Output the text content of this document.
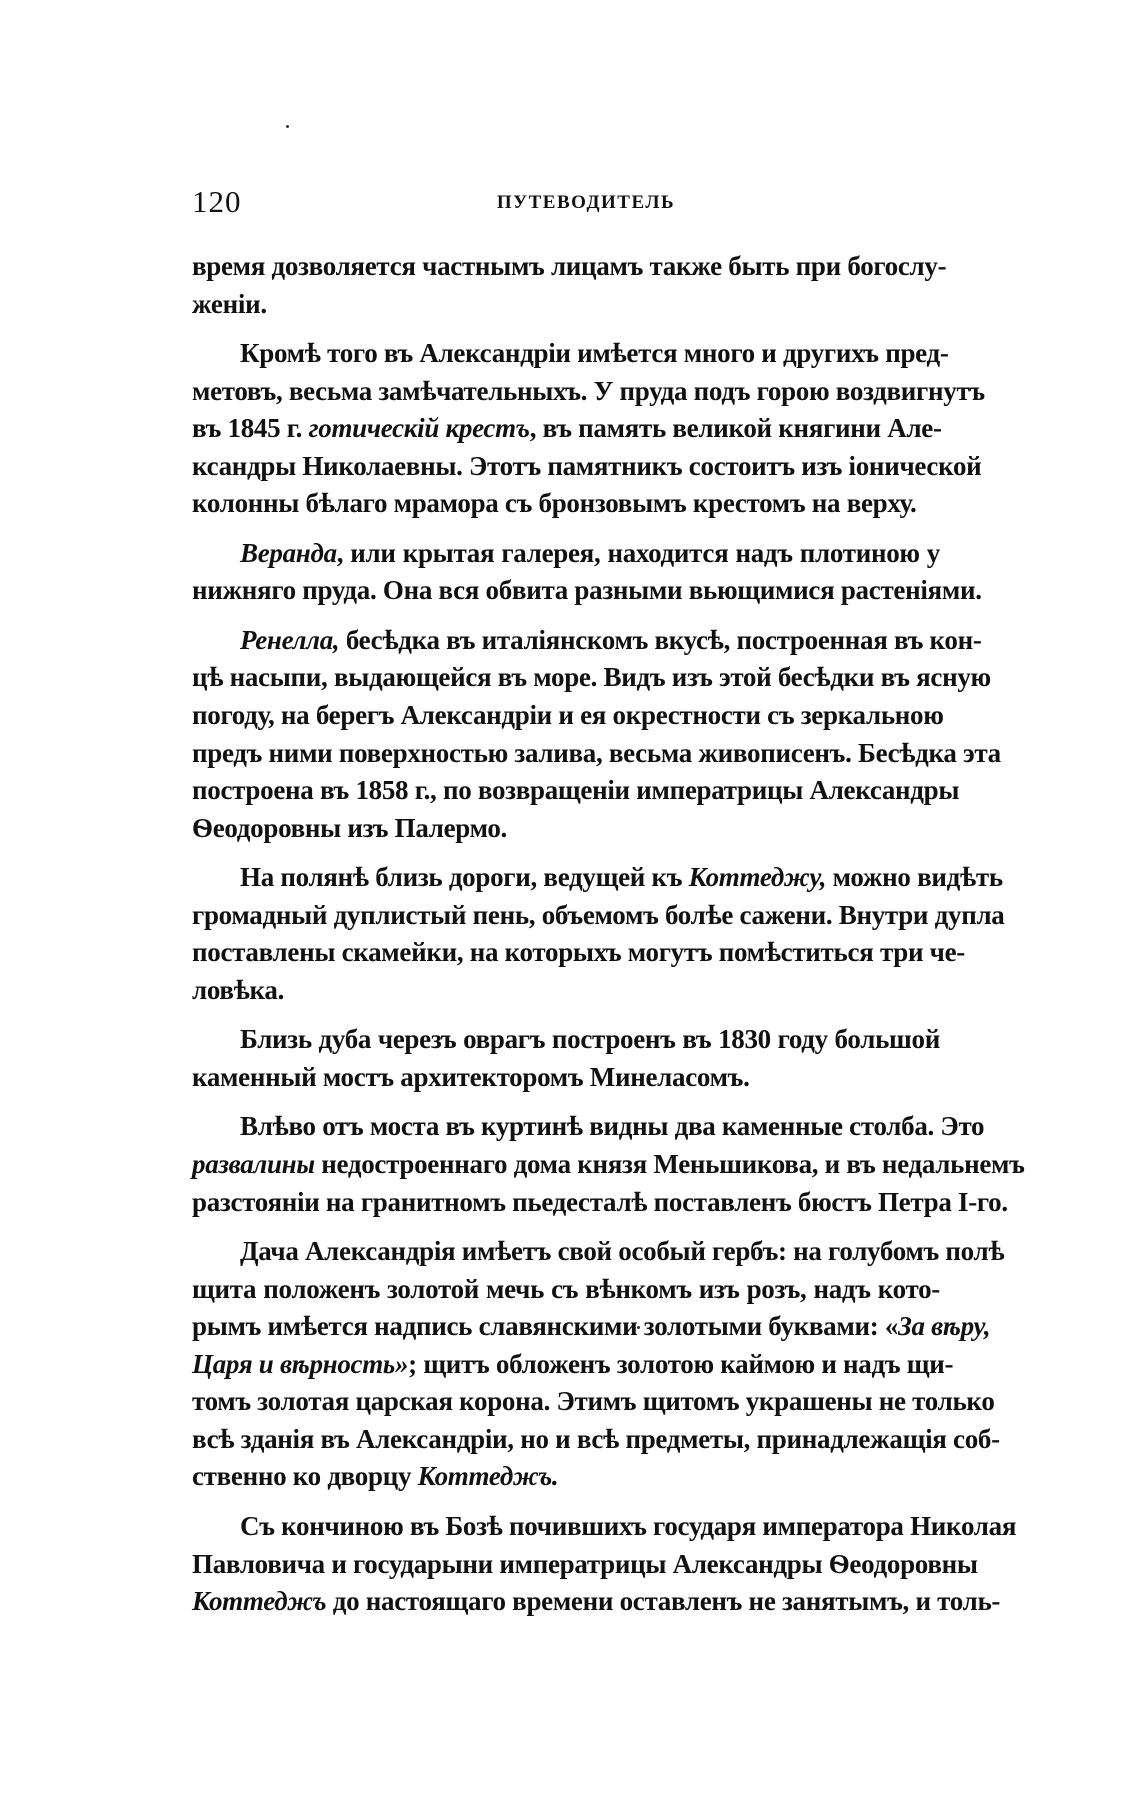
120	ПУТЕВОДИТЕЛЬ
время дозволяется частнымъ лицамъ также быть при богослу-
женіи.
Кромѣ того въ Александріи имѣется много и другихъ пред-
метовъ, весьма замѣчательныхъ. У пруда подъ горою воздвигнутъ
въ 1845 г. готическій крестъ, въ память великой княгини Але-
ксандры Николаевны. Этотъ памятникъ состоитъ изъ іонической
колонны бѣлаго мрамора съ бронзовымъ крестомъ на верху.
Веранда, или крытая галерея, находится надъ плотиною у
нижняго пруда. Она вся обвита разными вьющимися растеніями.
Ренелла, бесѣдка въ италіянскомъ вкусѣ, построенная въ кон-
цѣ насыпи, выдающейся въ море. Видъ изъ этой бесѣдки въ ясную
погоду, на берегъ Александріи и ея окрестности съ зеркальною
предъ ними поверхностью залива, весьма живописенъ. Бесѣдка эта
построена въ 1858 г., по возвращеніи императрицы Александры
Ѳеодоровны изъ Палермо.
На полянѣ близь дороги, ведущей къ Коттеджу, можно видѣть
громадный дуплистый пень, объемомъ болѣе сажени. Внутри дупла
поставлены скамейки, на которыхъ могутъ помѣститься три че-
ловѣка.
Близь дуба черезъ оврагъ построенъ въ 1830 году большой
каменный мостъ архитекторомъ Минеласомъ.
Влѣво отъ моста въ куртинѣ видны два каменные столба. Это
развалины недостроеннаго дома князя Меньшикова, и въ недальнемъ
разстояніи на гранитномъ пьедесталѣ поставленъ бюстъ Петра I-го.
Дача Александрія имѣетъ свой особый гербъ: на голубомъ полѣ
щита положенъ золотой мечь съ вѣнкомъ изъ розъ, надъ кото-
рымъ имѣется надпись славянскими золотыми буквами: «За вѣру,
Царя и вѣрность»; щитъ обложенъ золотою каймою и надъ щи-
томъ золотая царская корона. Этимъ щитомъ украшены не только
всѣ зданія въ Александріи, но и всѣ предметы, принадлежащія соб-
ственно ко дворцу Коттеджъ.
Съ кончиною въ Бозѣ почившихъ государя императора Николая
Павловича и государыни императрицы Александры Ѳеодоровны
Коттеджъ до настоящаго времени оставленъ не занятымъ, и толь-
